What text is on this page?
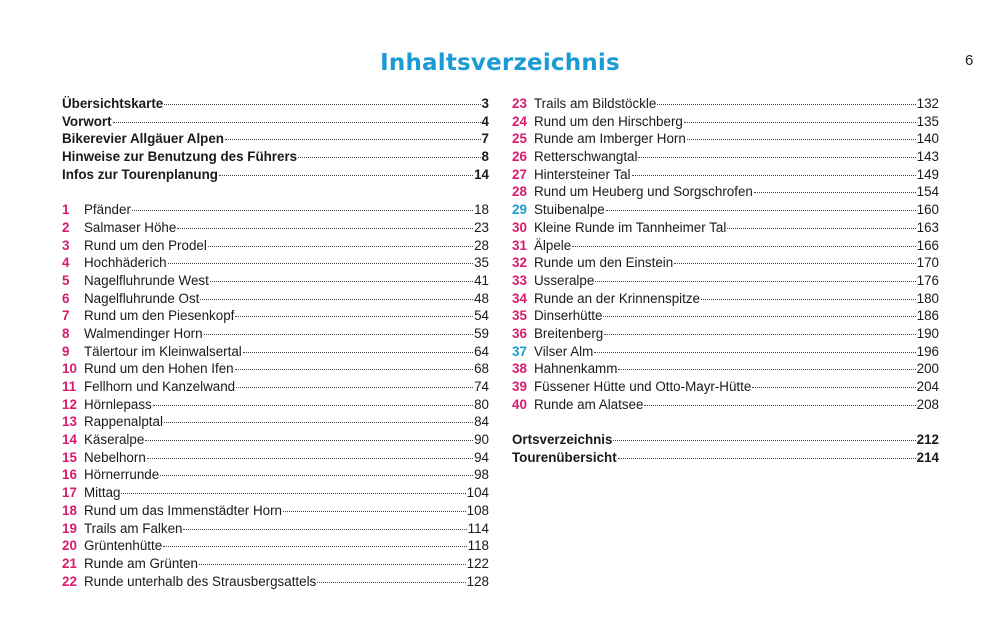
6
Inhaltsverzeichnis
Übersichtskarte	3
Vorwort	4
Bikerevier Allgäuer Alpen	7
Hinweise zur Benutzung des Führers	8
Infos zur Tourenplanung	14
1	Pfänder	18
2	Salmaser Höhe	23
3	Rund um den Prodel	28
4	Hochhäderich	35
5	Nagelfluhrunde West	41
6	Nagelfluhrunde Ost	48
7	Rund um den Piesenkopf	54
8	Walmendinger Horn	59
9	Tälertour im Kleinwalsertal	64
10 Rund um den Hohen Ifen	68
11 Fellhorn und Kanzelwand	74
12 Hörnlepass	80
13 Rappenalptal	84
14 Käseralpe	90
15 Nebelhorn	94
16 Hörnerrunde	98
17 Mittag	104
18 Rund um das Immenstädter Horn	108
19 Trails am Falken	114
20 Grüntenhütte	118
21 Runde am Grünten	122
22 Runde unterhalb des Strausbergsattels	128
23 Trails am Bildstöckle	132
24 Rund um den Hirschberg	135
25 Runde am Imberger Horn	140
26 Retterschwangtal	143
27 Hintersteiner Tal	149
28 Rund um Heuberg und Sorgschrofen	154
29 Stuibenalpe	160
30 Kleine Runde im Tannheimer Tal	163
31 Älpele	166
32 Runde um den Einstein	170
33 Usseralpe	176
34 Runde an der Krinnenspitze	180
35 Dinserhütte	186
36 Breitenberg	190
37 Vilser Alm	196
38 Hahnenkamm	200
39 Füssener Hütte und Otto-Mayr-Hütte	204
40 Runde am Alatsee	208
Ortsverzeichnis	212
Tourenübersicht	214
